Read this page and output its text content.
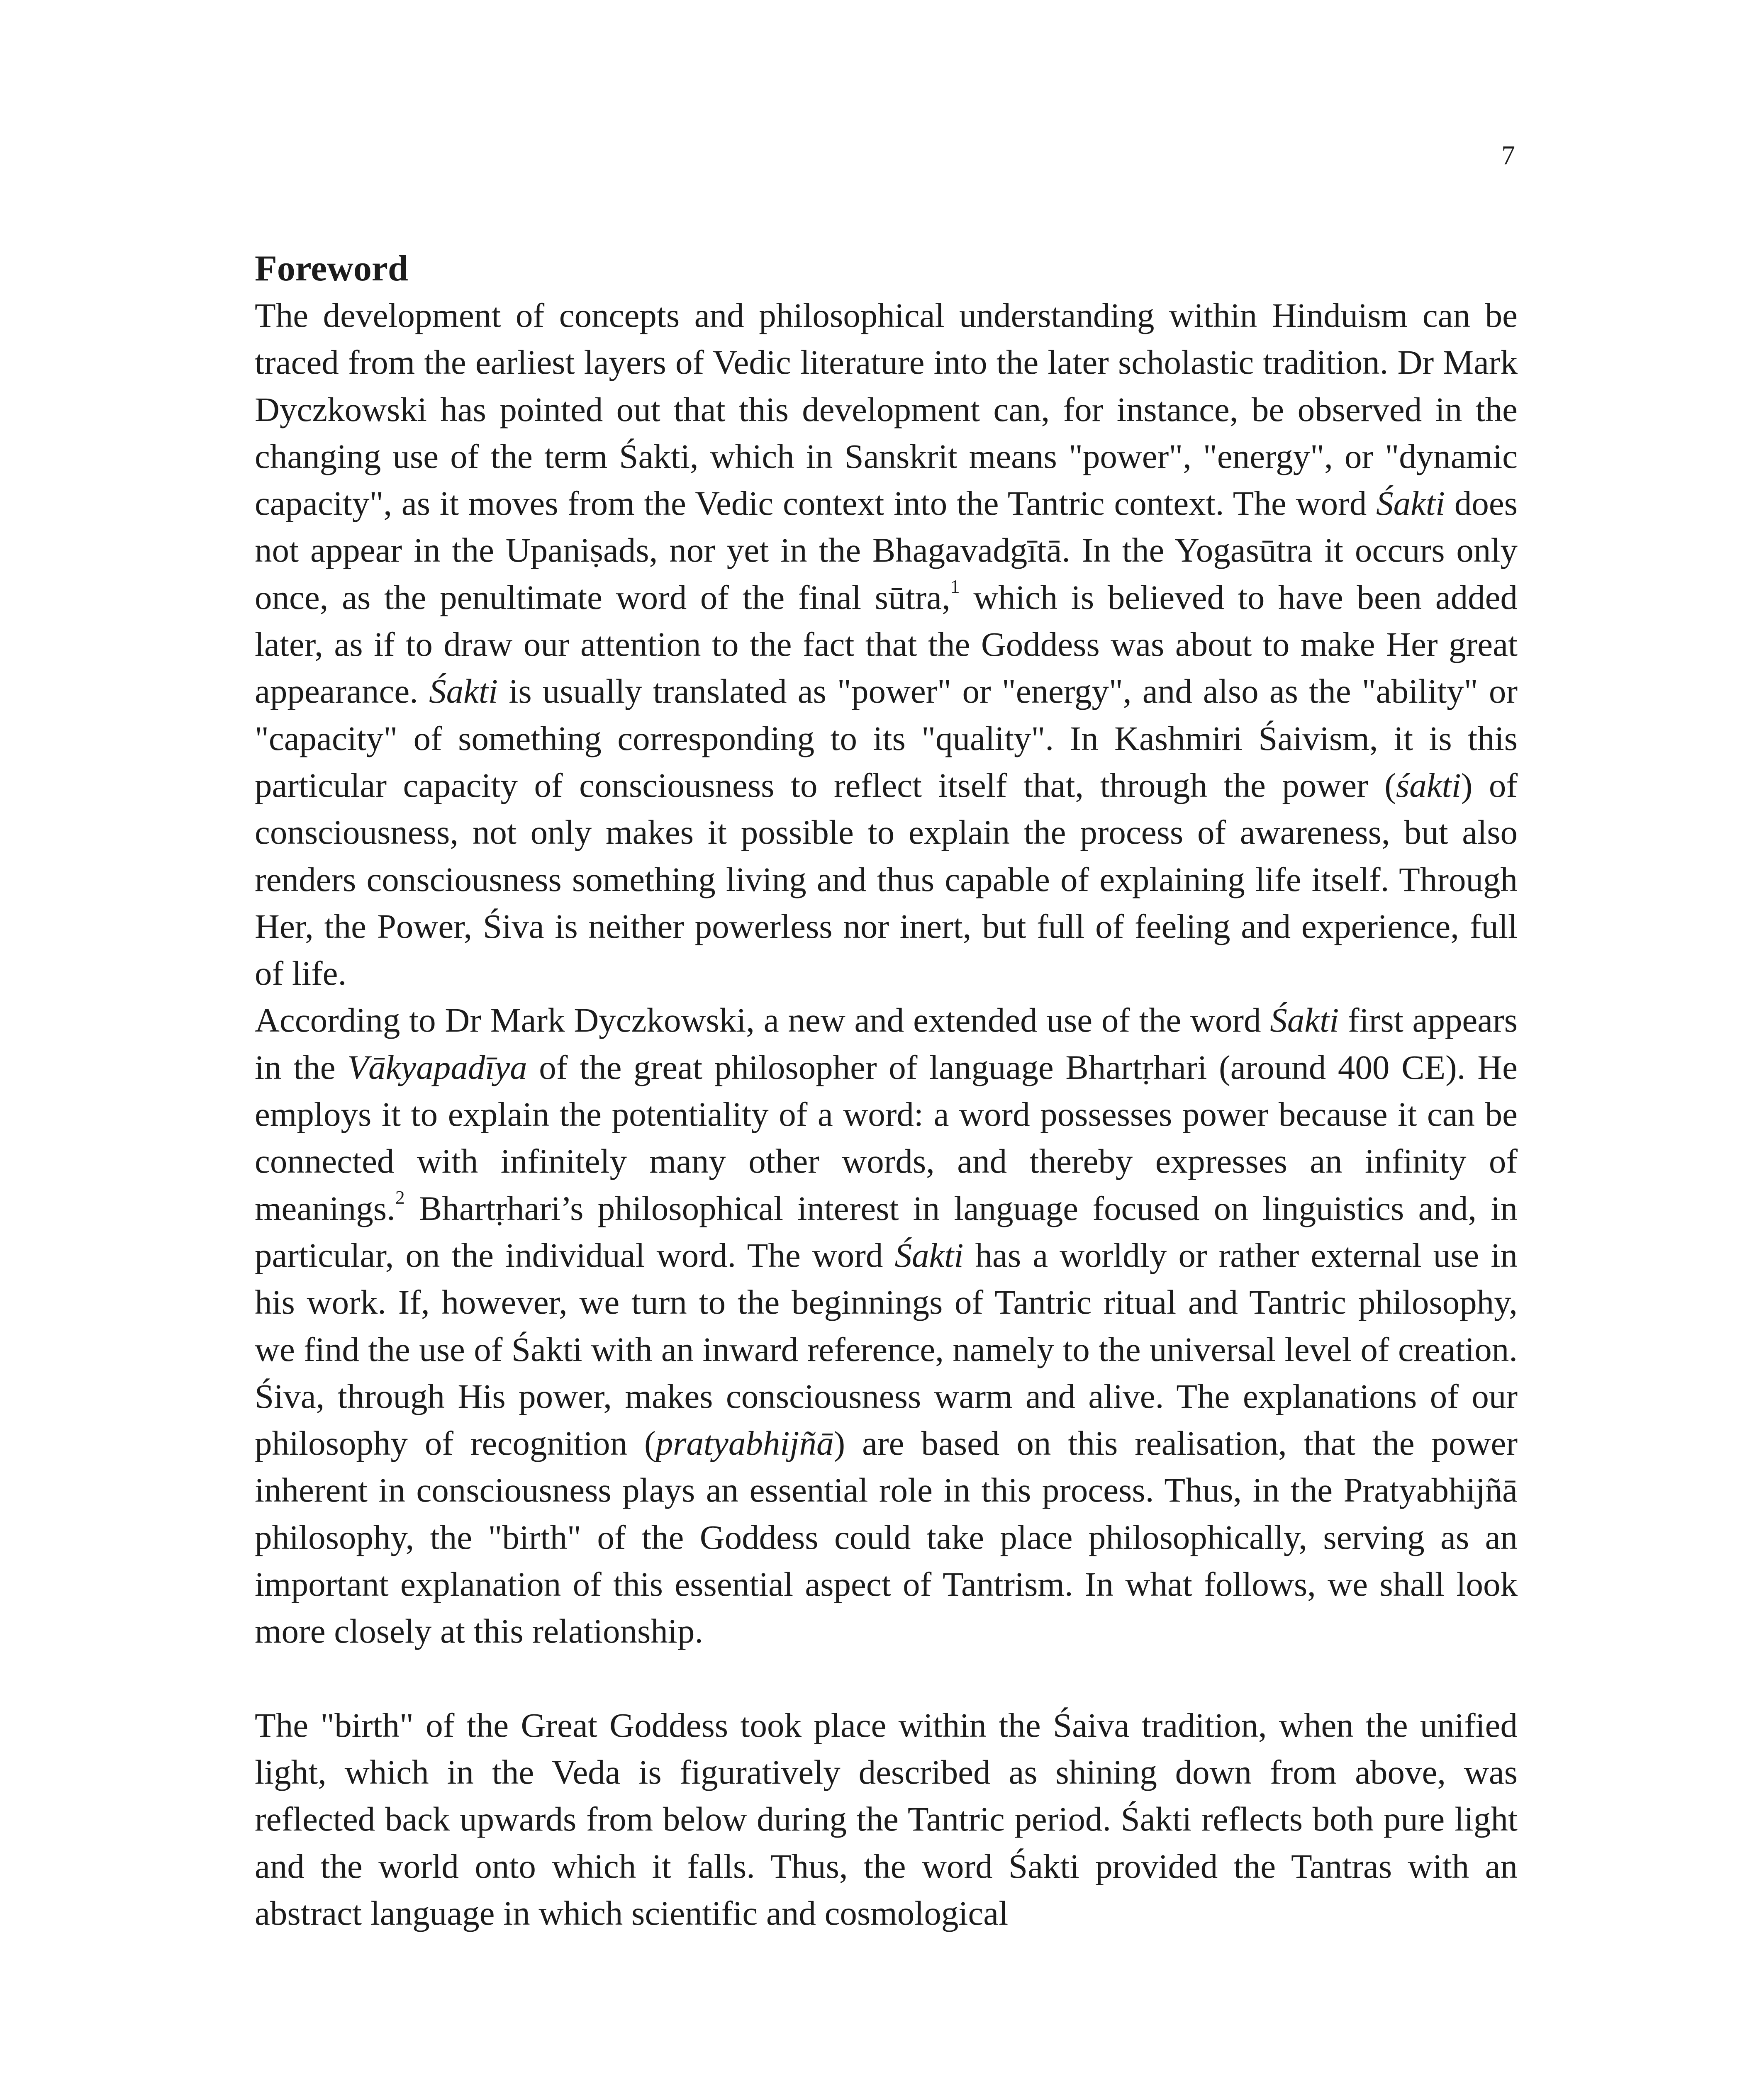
7
Foreword

The development of concepts and philosophical understanding within Hinduism can be traced from the earliest layers of Vedic literature into the later scholastic tradition. Dr Mark Dyczkowski has pointed out that this development can, for instance, be observed in the changing use of the term Śakti, which in Sanskrit means "power", "energy", or "dynamic capacity", as it moves from the Vedic context into the Tantric context. The word Śakti does not appear in the Upaniṣads, nor yet in the Bhagavadgītā. In the Yogasūtra it occurs only once, as the penultimate word of the final sūtra,$^1$ which is believed to have been added later, as if to draw our attention to the fact that the Goddess was about to make Her great appearance. Śakti is usually translated as "power" or "energy", and also as the "ability" or "capacity" of something corresponding to its "quality". In Kashmiri Śaivism, it is this particular capacity of consciousness to reflect itself that, through the power (śakti) of consciousness, not only makes it possible to explain the process of awareness, but also renders consciousness something living and thus capable of explaining life itself. Through Her, the Power, Śiva is neither powerless nor inert, but full of feeling and experience, full of life.

According to Dr Mark Dyczkowski, a new and extended use of the word Śakti first appears in the Vākyapadīya of the great philosopher of language Bhartṛhari (around 400 CE). He employs it to explain the potentiality of a word: a word possesses power because it can be connected with infinitely many other words, and thereby expresses an infinity of meanings.$^2$ Bhartṛhari’s philosophical interest in language focused on linguistics and, in particular, on the individual word. The word Śakti has a worldly or rather external use in his work. If, however, we turn to the beginnings of Tantric ritual and Tantric philosophy, we find the use of Śakti with an inward reference, namely to the universal level of creation. Śiva, through His power, makes consciousness warm and alive. The explanations of our philosophy of recognition (pratyabhijñā) are based on this realisation, that the power inherent in consciousness plays an essential role in this process. Thus, in the Pratyabhijñā philosophy, the "birth" of the Goddess could take place philosophically, serving as an important explanation of this essential aspect of Tantrism. In what follows, we shall look more closely at this relationship.

The "birth" of the Great Goddess took place within the Śaiva tradition, when the unified light, which in the Veda is figuratively described as shining down from above, was reflected back upwards from below during the Tantric period. Śakti reflects both pure light and the world onto which it falls. Thus, the word Śakti provided the Tantras with an abstract language in which scientific and cosmological
